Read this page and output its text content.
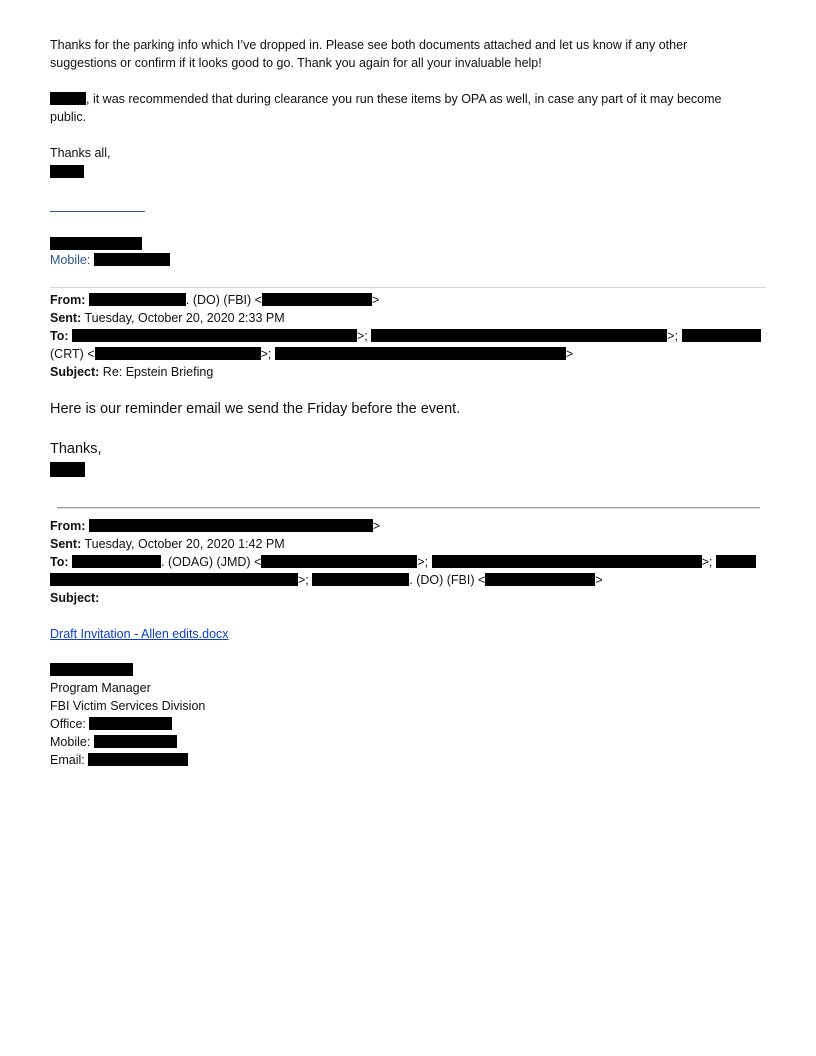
Thanks for the parking info which I’ve dropped in. Please see both documents attached and let us know if any other
suggestions or confirm if it looks good to go. Thank you again for all your invaluable help!
, it was recommended that during clearance you run these items by OPA as well, in case any part of it may become
public.
Thanks all,
Mobile:
From:	. (DO) (FBI) <	>
Sent: Tuesday, October 20, 2020 2:33 PM
To:	>;	>;
(CRT) <	>;	>
Subject: Re: Epstein Briefing
Here is our reminder email we send the Friday before the event.
Thanks,
From:	>
Sent: Tuesday, October 20, 2020 1:42 PM
To:	. (ODAG) (JMD) <	>;	>;
>;	. (DO) (FBI) <	>
Subject:
Draft Invitation - Allen edits.docx
Program Manager
FBI Victim Services Division
Office:
Mobile:
Email:
